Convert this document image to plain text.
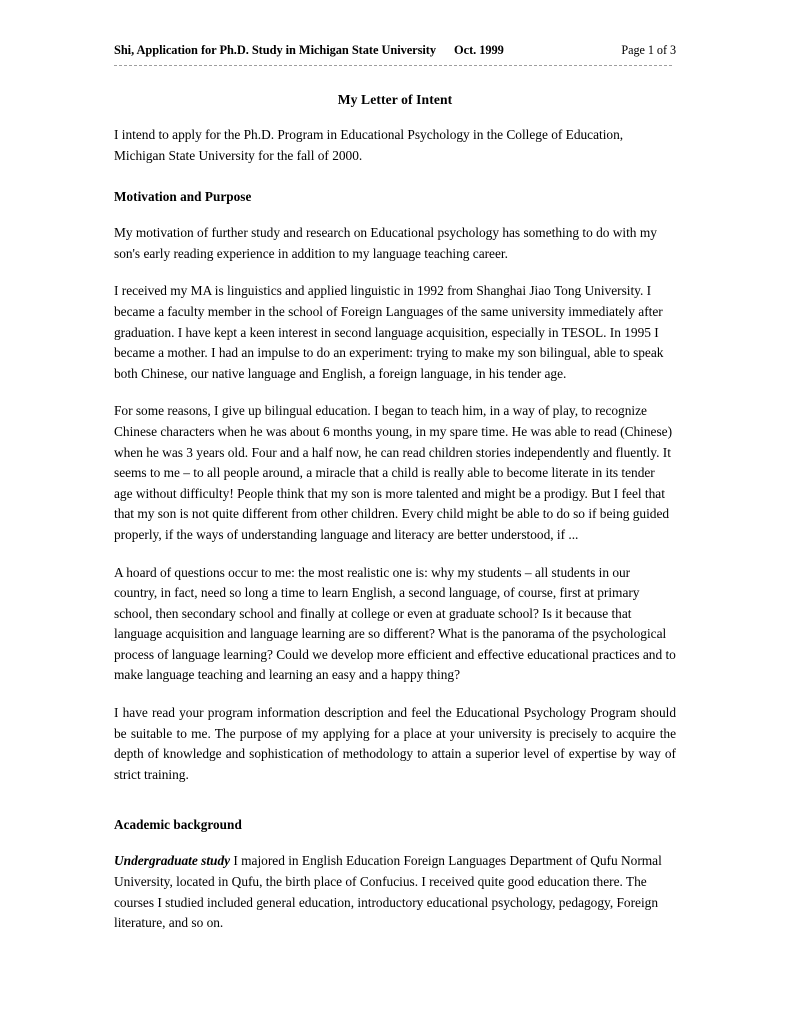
Shi, Application for Ph.D. Study in Michigan State University Oct. 1999	Page 1 of 3
My Letter of Intent

I intend to apply for the Ph.D. Program in Educational Psychology in the College of Education, Michigan State University for the fall of 2000.

Motivation and Purpose

My motivation of further study and research on Educational psychology has something to do with my son's early reading experience in addition to my language teaching career.

I received my MA is linguistics and applied linguistic in 1992 from Shanghai Jiao Tong University. I became a faculty member in the school of Foreign Languages of the same university immediately after graduation. I have kept a keen interest in second language acquisition, especially in TESOL. In 1995 I became a mother. I had an impulse to do an experiment: trying to make my son bilingual, able to speak both Chinese, our native language and English, a foreign language, in his tender age.

For some reasons, I give up bilingual education. I began to teach him, in a way of play, to recognize Chinese characters when he was about 6 months young, in my spare time. He was able to read (Chinese) when he was 3 years old. Four and a half now, he can read children stories independently and fluently. It seems to me – to all people around, a miracle that a child is really able to become literate in its tender age without difficulty! People think that my son is more talented and might be a prodigy. But I feel that that my son is not quite different from other children. Every child might be able to do so if being guided properly, if the ways of understanding language and literacy are better understood, if ...

A hoard of questions occur to me: the most realistic one is: why my students – all students in our country, in fact, need so long a time to learn English, a second language, of course, first at primary school, then secondary school and finally at college or even at graduate school? Is it because that language acquisition and language learning are so different? What is the panorama of the psychological process of language learning? Could we develop more efficient and effective educational practices and to make language teaching and learning an easy and a happy thing?

I have read your program information description and feel the Educational Psychology Program should be suitable to me. The purpose of my applying for a place at your university is precisely to acquire the depth of knowledge and sophistication of methodology to attain a superior level of expertise by way of strict training.

Academic background

Undergraduate study I majored in English Education Foreign Languages Department of Qufu Normal University, located in Qufu, the birth place of Confucius. I received quite good education there. The courses I studied included general education, introductory educational psychology, pedagogy, Foreign literature, and so on.
